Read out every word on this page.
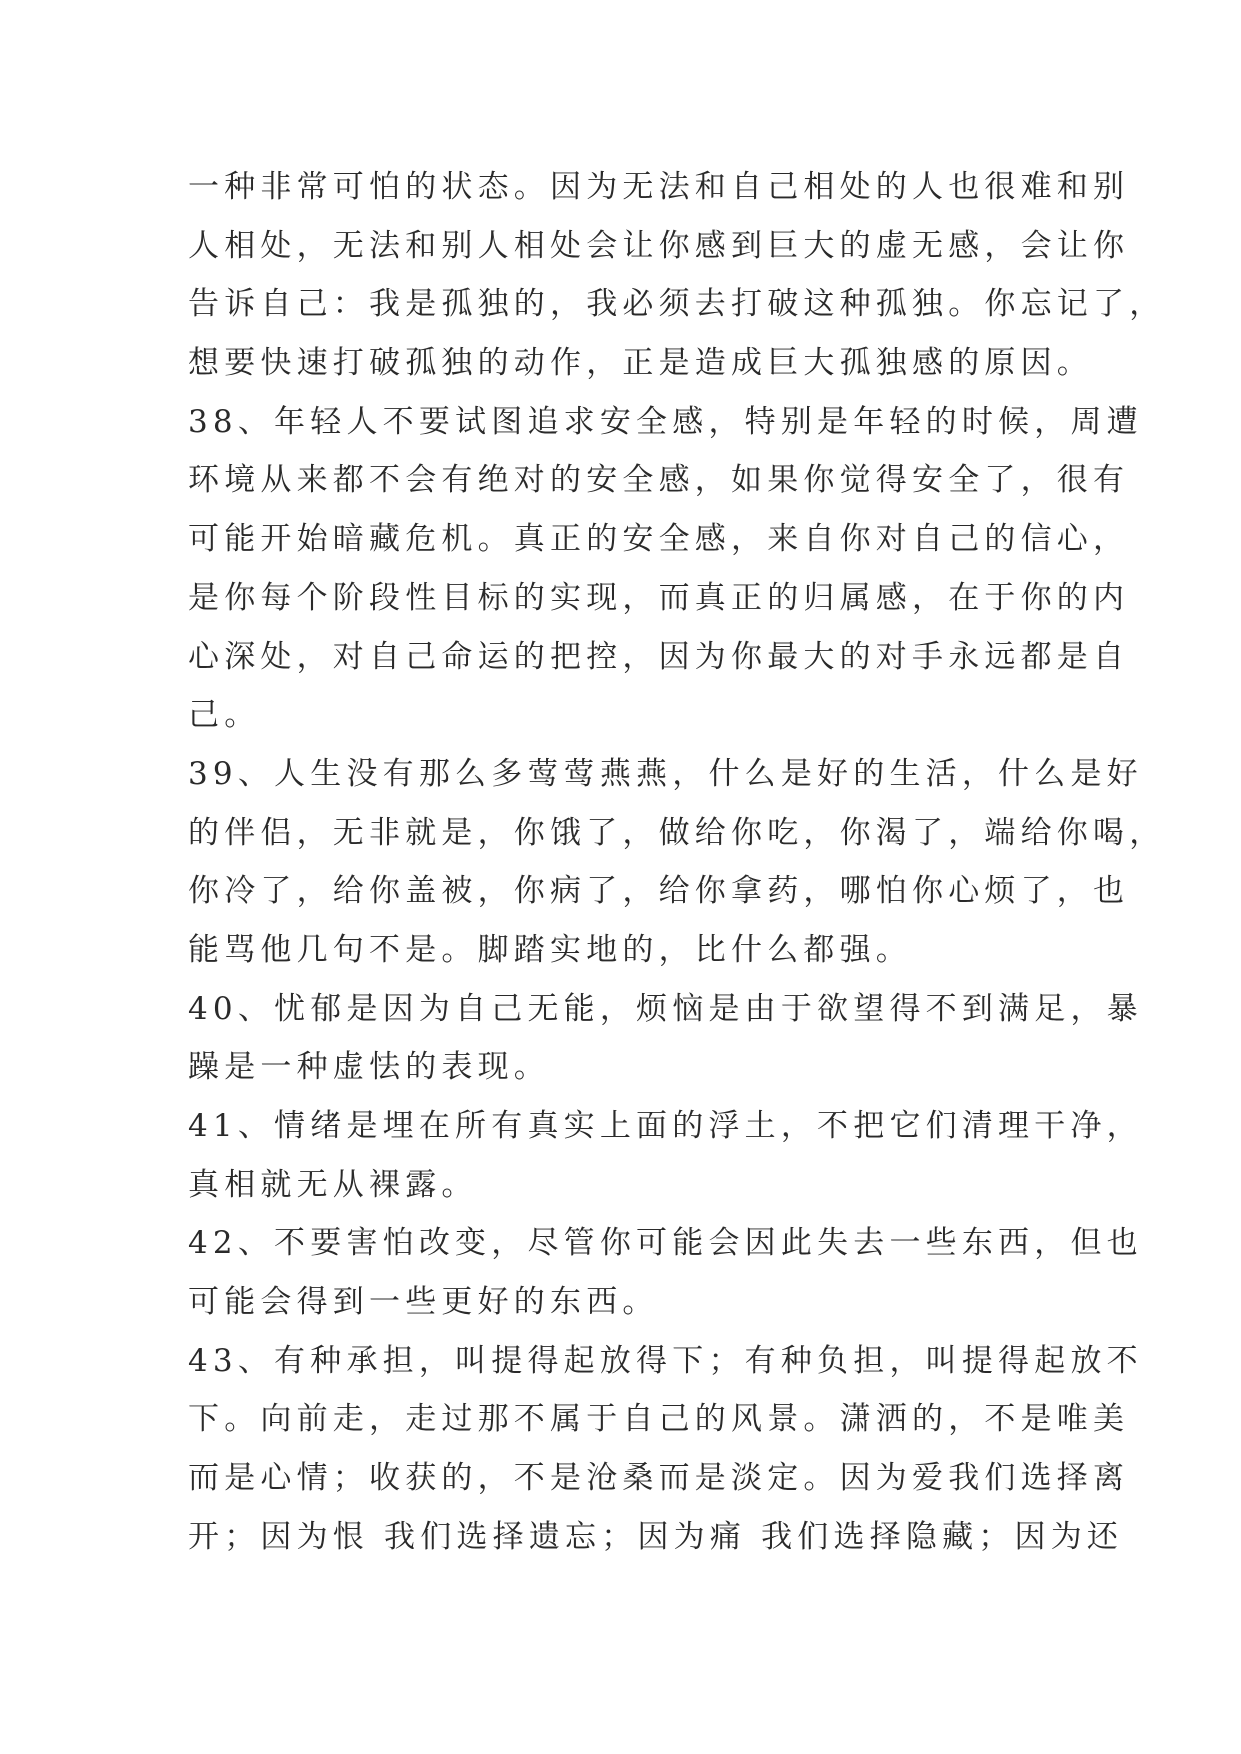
一种非常可怕的状态。因为无法和自己相处的人也很难和别
人相处，无法和别人相处会让你感到巨大的虚无感，会让你
告诉自己：我是孤独的，我必须去打破这种孤独。你忘记了，
想要快速打破孤独的动作，正是造成巨大孤独感的原因。
38、年轻人不要试图追求安全感，特别是年轻的时候，周遭
环境从来都不会有绝对的安全感，如果你觉得安全了，很有
可能开始暗藏危机。真正的安全感，来自你对自己的信心，
是你每个阶段性目标的实现，而真正的归属感，在于你的内
心深处，对自己命运的把控，因为你最大的对手永远都是自
己。
39、人生没有那么多莺莺燕燕，什么是好的生活，什么是好
的伴侣，无非就是，你饿了，做给你吃，你渴了，端给你喝，
你冷了，给你盖被，你病了，给你拿药，哪怕你心烦了，也
能骂他几句不是。脚踏实地的，比什么都强。
40、忧郁是因为自己无能，烦恼是由于欲望得不到满足，暴
躁是一种虚怯的表现。
41、情绪是埋在所有真实上面的浮土，不把它们清理干净，
真相就无从裸露。
42、不要害怕改变，尽管你可能会因此失去一些东西，但也
可能会得到一些更好的东西。
43、有种承担，叫提得起放得下；有种负担，叫提得起放不
下。向前走，走过那不属于自己的风景。潇洒的，不是唯美
而是心情；收获的，不是沧桑而是淡定。因为爱我们选择离
开；因为恨 我们选择遗忘；因为痛 我们选择隐藏；因为还
